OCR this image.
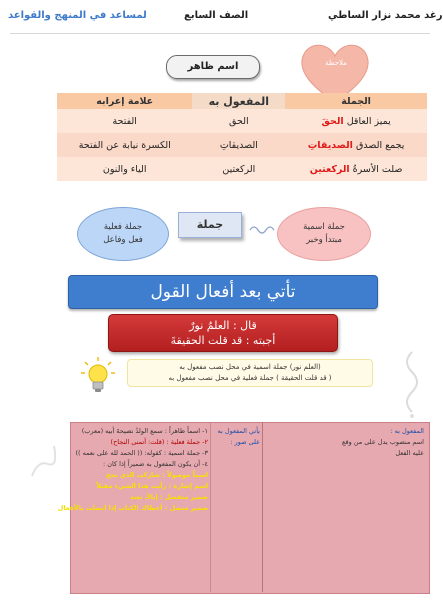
لمساعد في المنهج والقواعد	الصف السابع	رغد محمد نزار الساطي
ملاحظة
اسم ظاهر
الجملة	المفعول به	علامة إعرابه
يميز العاقل الحقَ	الحق	الفتحة
يجمع الصدق الصديقاتِ	الصديقاتِ	الكسرة نيابة عن الفتحة
صلت الأسرةُ الركعتين	الركعتين	الياء والنون
جملة اسمية
مبتدأ وخبر
جملة فعلية
فعل وفاعل
جملة
تأتي بعد أفعال القول
قال : العلمُ نورٌ
أجبته : قد قلت الحقيقةَ
(العلم نور) جملة اسمية في محل نصب مفعول به
( قد قلت الحقيقة ) جملة فعلية في محل نصب مفعول به
المفعول به :
اسم منصوب يدل على من وقع
عليه الفعل
يأتي المفعول به على صور :
١- اسماً ظاهراً : سمع الولدُ نصيحةَ أبيه (معرب)
٢- جملة فعلية : (قلت: أتمنى النجاح)
٣- جملة اسمية : كقوله: (( الحمد لله على نعمه ))
٤- أن يكون المفعول به ضميراً إذا كان :
اسماً موصولاً : شاركت الذي نجح
اسم إشارة : رأيت هذا الشيء مقبلاً
ضمير منفصل : إياكَ نعبد
ضمير متصل : أعطاك الكتاب إذا اتصلت بالأفعال
